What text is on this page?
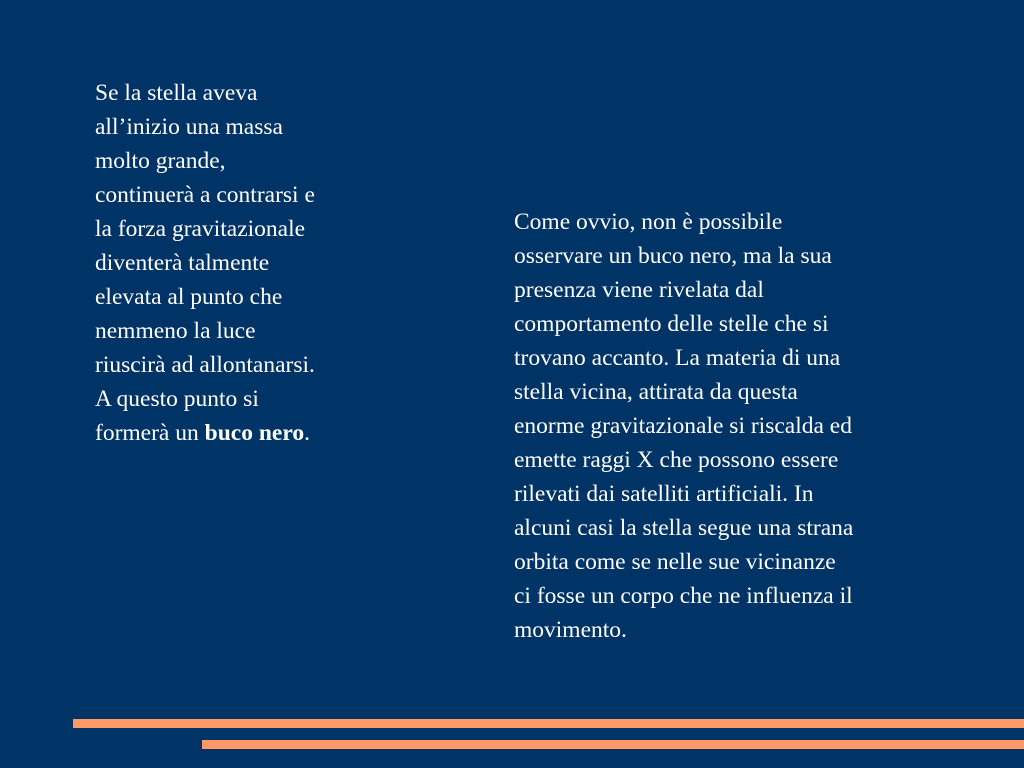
Se la stella aveva
all’inizio una massa
molto grande,
continuerà a contrarsi e
la forza gravitazionale
diventerà talmente
elevata al punto che
nemmeno la luce
riuscirà ad allontanarsi.
A questo punto si
formerà un buco nero.

Come ovvio, non è possibile
osservare un buco nero, ma la sua
presenza viene rivelata dal
comportamento delle stelle che si
trovano accanto. La materia di una
stella vicina, attirata da questa
enorme gravitazionale si riscalda ed
emette raggi X che possono essere
rilevati dai satelliti artificiali. In
alcuni casi la stella segue una strana
orbita come se nelle sue vicinanze
ci fosse un corpo che ne influenza il
movimento.
